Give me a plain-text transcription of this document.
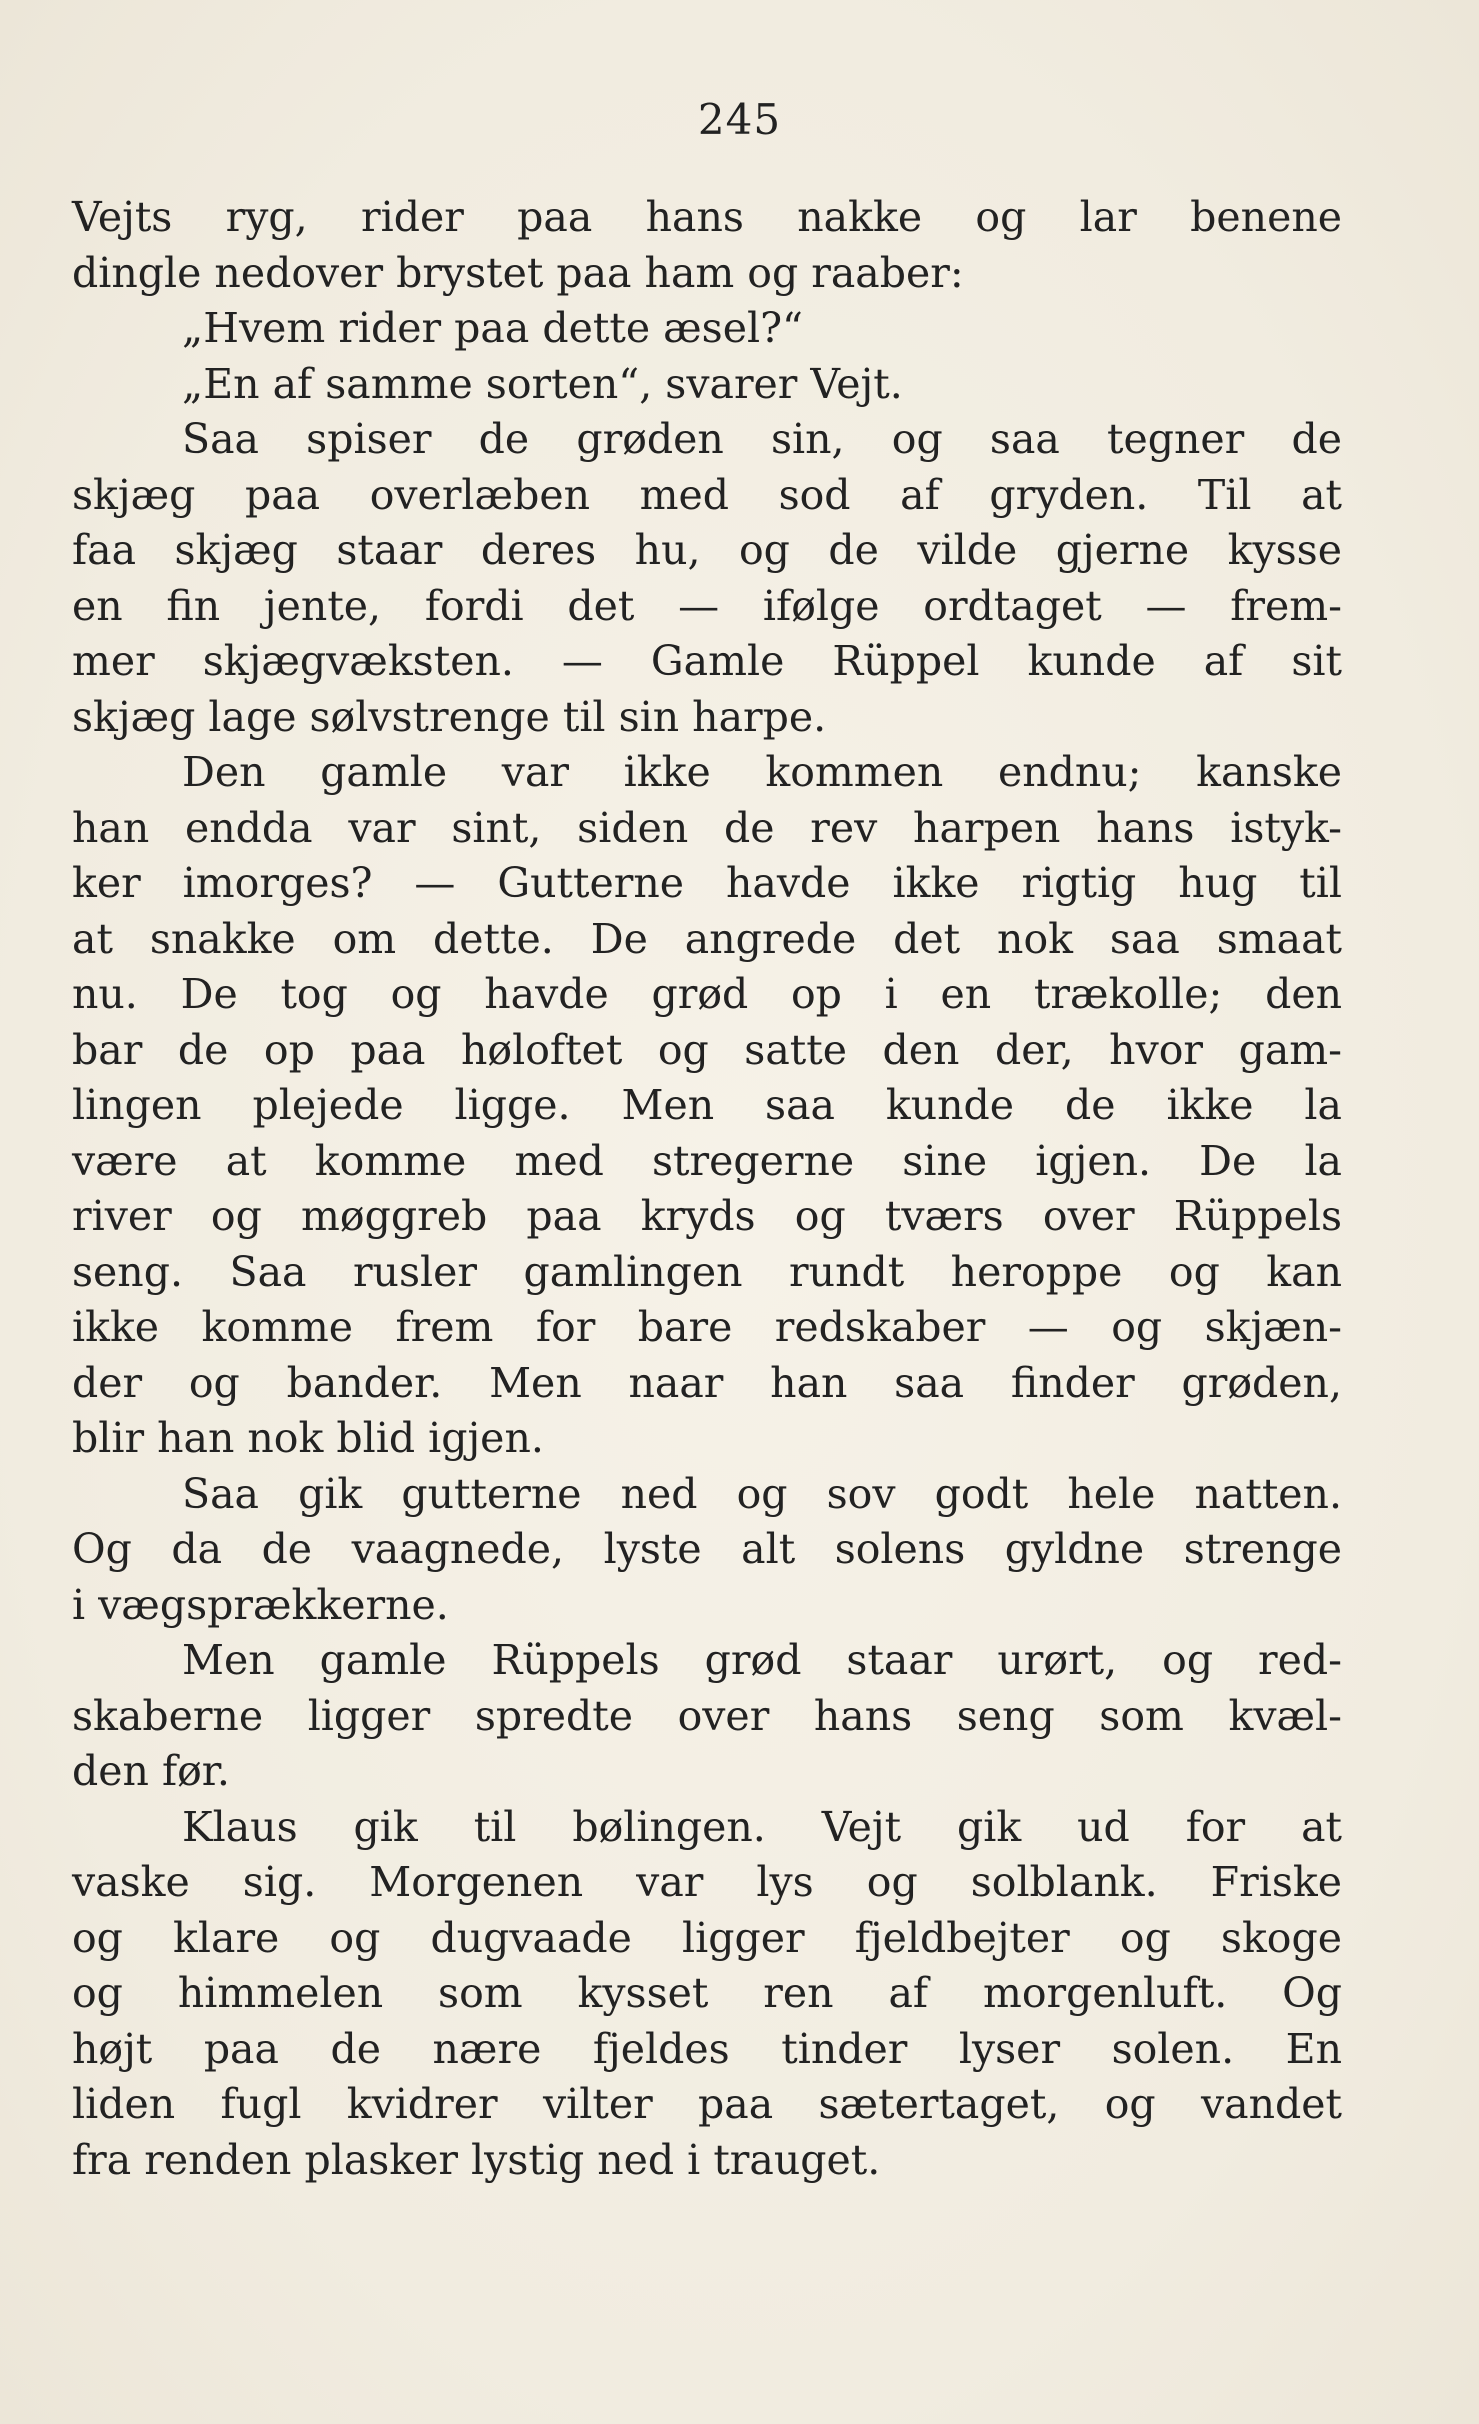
245
Vejts ryg, rider paa hans nakke og lar benene
dingle nedover brystet paa ham og raaber:
„Hvem rider paa dette æsel?“
„En af samme sorten“, svarer Vejt.
Saa spiser de grøden sin, og saa tegner de
skjæg paa overlæben med sod af gryden. Til at
faa skjæg staar deres hu, og de vilde gjerne kysse
en fin jente, fordi det — ifølge ordtaget — frem-
mer skjægvæksten. — Gamle Rüppel kunde af sit
skjæg lage sølvstrenge til sin harpe.
Den gamle var ikke kommen endnu; kanske
han endda var sint, siden de rev harpen hans istyk-
ker imorges? — Gutterne havde ikke rigtig hug til
at snakke om dette. De angrede det nok saa smaat
nu. De tog og havde grød op i en trækolle; den
bar de op paa høloftet og satte den der, hvor gam-
lingen plejede ligge. Men saa kunde de ikke la
være at komme med stregerne sine igjen. De la
river og møggreb paa kryds og tværs over Rüppels
seng. Saa rusler gamlingen rundt heroppe og kan
ikke komme frem for bare redskaber — og skjæn-
der og bander. Men naar han saa finder grøden,
blir han nok blid igjen.
Saa gik gutterne ned og sov godt hele natten.
Og da de vaagnede, lyste alt solens gyldne strenge
i vægsprækkerne.
Men gamle Rüppels grød staar urørt, og red-
skaberne ligger spredte over hans seng som kvæl-
den før.
Klaus gik til bølingen. Vejt gik ud for at
vaske sig. Morgenen var lys og solblank. Friske
og klare og dugvaade ligger fjeldbejter og skoge
og himmelen som kysset ren af morgenluft. Og
højt paa de nære fjeldes tinder lyser solen. En
liden fugl kvidrer vilter paa sætertaget, og vandet
fra renden plasker lystig ned i trauget.
